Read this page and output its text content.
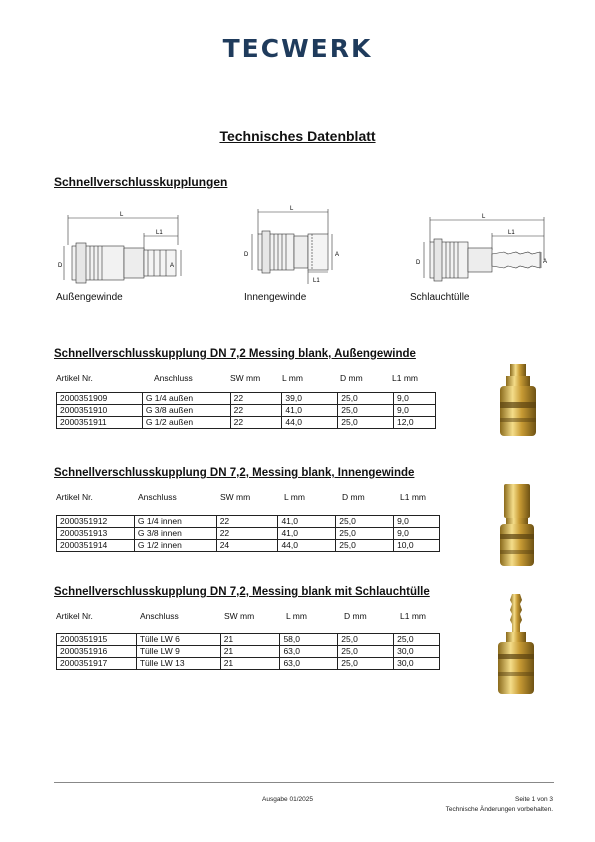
TECWERK
Technisches Datenblatt
Schnellverschlusskupplungen
L
L1
D	A
Außengewinde
L
L1
D	A
Innengewinde
L
L1
D	A
Schlauchtülle
Schnellverschlusskupplung DN 7,2 Messing blank, Außengewinde
Artikel Nr.	Anschluss	SW mm	L mm	D mm	L1 mm
2000351909	G 1/4 außen	22	39,0	25,0	9,0
2000351910	G 3/8 außen	22	41,0	25,0	9,0
2000351911	G 1/2 außen	22	44,0	25,0	12,0
Schnellverschlusskupplung DN 7,2, Messing blank, Innengewinde
Artikel Nr.	Anschluss	SW mm	L mm	D mm	L1 mm
2000351912	G 1/4 innen	22	41,0	25,0	9,0
2000351913	G 3/8 innen	22	41,0	25,0	9,0
2000351914	G 1/2 innen	24	44,0	25,0	10,0
Schnellverschlusskupplung DN 7,2, Messing blank mit Schlauchtülle
Artikel Nr.	Anschluss	SW mm	L mm	D mm	L1 mm
2000351915	Tülle LW 6	21	58,0	25,0	25,0
2000351916	Tülle LW 9	21	63,0	25,0	30,0
2000351917	Tülle LW 13	21	63,0	25,0	30,0
Ausgabe 01/2025	Seite 1 von 3
Technische Änderungen vorbehalten.
